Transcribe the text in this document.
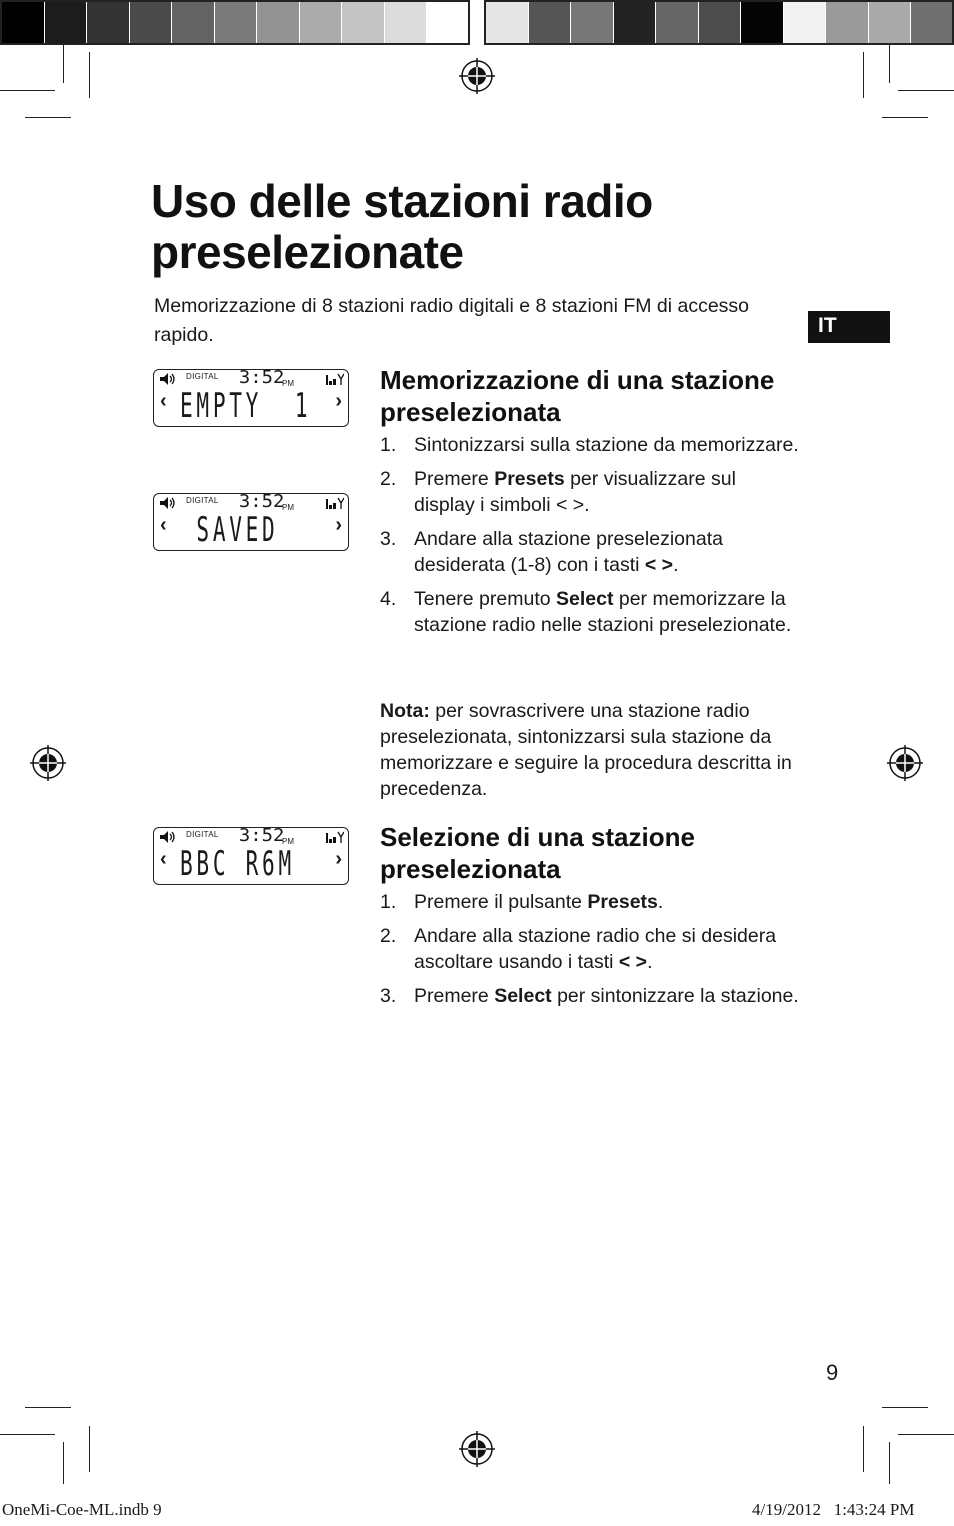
Uso delle stazioni radio preselezionate
Memorizzazione di 8 stazioni radio digitali e 8 stazioni FM di accesso rapido.	IT
DIGITAL 3:52
PM
‹ EMPTY  1 ›
DIGITAL 3:52
PM
‹ SAVED	›
DIGITAL 3:52
PM
‹ BBC R6M ›
Memorizzazione di una stazione preselezionata
1. Sintonizzarsi sulla stazione da memorizzare.
2. Premere Presets per visualizzare sul display i simboli < >.
3. Andare alla stazione preselezionata desiderata (1-8) con i tasti < >.
4. Tenere premuto Select per memorizzare la stazione radio nelle stazioni preselezionate.
Nota: per sovrascrivere una stazione radio preselezionata, sintonizzarsi sula stazione da memorizzare e seguire la procedura descritta in precedenza.
Selezione di una stazione preselezionata
1. Premere il pulsante Presets.
2. Andare alla stazione radio che si desidera ascoltare usando i tasti < >.
3. Premere Select per sintonizzare la stazione.
9
OneMi-Coe-ML.indb 9	4/19/2012   1:43:24 PM
